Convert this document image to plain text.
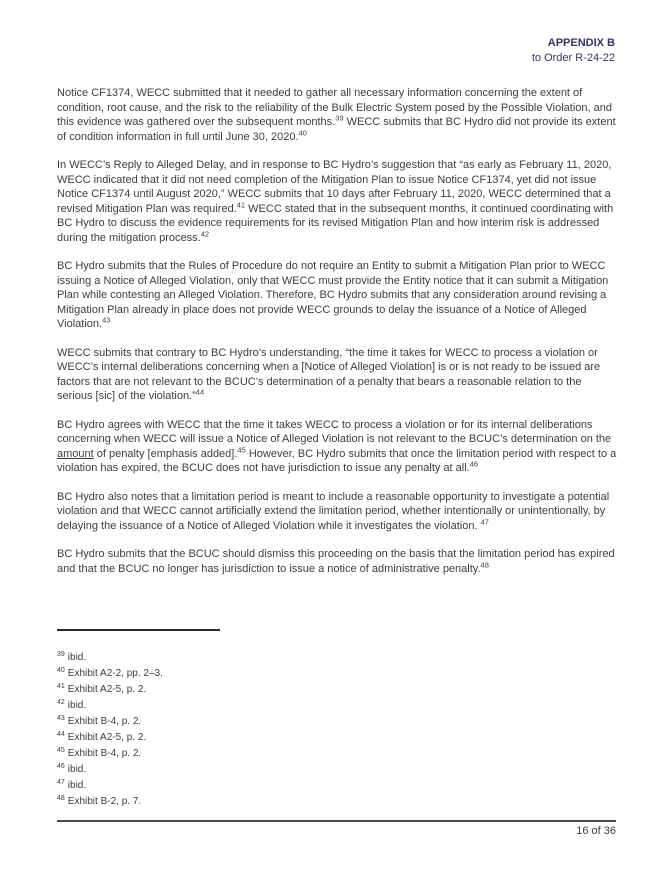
APPENDIX B
to Order R-24-22

Notice CF1374, WECC submitted that it needed to gather all necessary information concerning the extent of condition, root cause, and the risk to the reliability of the Bulk Electric System posed by the Possible Violation, and this evidence was gathered over the subsequent months.$^{39}$ WECC submits that BC Hydro did not provide its extent of condition information in full until June 30, 2020.40

In WECC’s Reply to Alleged Delay, and in response to BC Hydro’s suggestion that “as early as February 11, 2020, WECC indicated that it did not need completion of the Mitigation Plan to issue Notice CF1374, yet did not issue Notice CF1374 until August 2020,” WECC submits that 10 days after February 11, 2020, WECC determined that a revised Mitigation Plan was required.$^{41}$ WECC stated that in the subsequent months, it continued coordinating with BC Hydro to discuss the evidence requirements for its revised Mitigation Plan and how interim risk is addressed during the mitigation process.$^{42}$

BC Hydro submits that the Rules of Procedure do not require an Entity to submit a Mitigation Plan prior to WECC issuing a Notice of Alleged Violation, only that WECC must provide the Entity notice that it can submit a Mitigation Plan while contesting an Alleged Violation. Therefore, BC Hydro submits that any consideration around revising a Mitigation Plan already in place does not provide WECC grounds to delay the issuance of a Notice of Alleged Violation.$^{43}$

WECC submits that contrary to BC Hydro’s understanding, “the time it takes for WECC to process a violation or WECC’s internal deliberations concerning when a [Notice of Alleged Violation] is or is not ready to be issued are factors that are not relevant to the BCUC’s determination of a penalty that bears a reasonable relation to the serious [sic] of the violation.”$^{44}$

BC Hydro agrees with WECC that the time it takes WECC to process a violation or for its internal deliberations concerning when WECC will issue a Notice of Alleged Violation is not relevant to the BCUC’s determination on the amount of penalty [emphasis added].$^{45}$ However, BC Hydro submits that once the limitation period with respect to a violation has expired, the BCUC does not have jurisdiction to issue any penalty at all.$^{46}$

BC Hydro also notes that a limitation period is meant to include a reasonable opportunity to investigate a potential violation and that WECC cannot artificially extend the limitation period, whether intentionally or unintentionally, by delaying the issuance of a Notice of Alleged Violation while it investigates the violation. $^{47}$

BC Hydro submits that the BCUC should dismiss this proceeding on the basis that the limitation period has expired and that the BCUC no longer has jurisdiction to issue a notice of administrative penalty.$^{48}$

$^{39}$ ibid.
$^{40}$ Exhibit A2-2, pp. 2–3.
$^{41}$ Exhibit A2-5, p. 2.
$^{42}$ ibid.
$^{43}$ Exhibit B-4, p. 2.
$^{44}$ Exhibit A2-5, p. 2.
$^{45}$ Exhibit B-4, p. 2.
$^{46}$ ibid.
$^{47}$ ibid.
$^{48}$ Exhibit B-2, p. 7.
16 of 36
